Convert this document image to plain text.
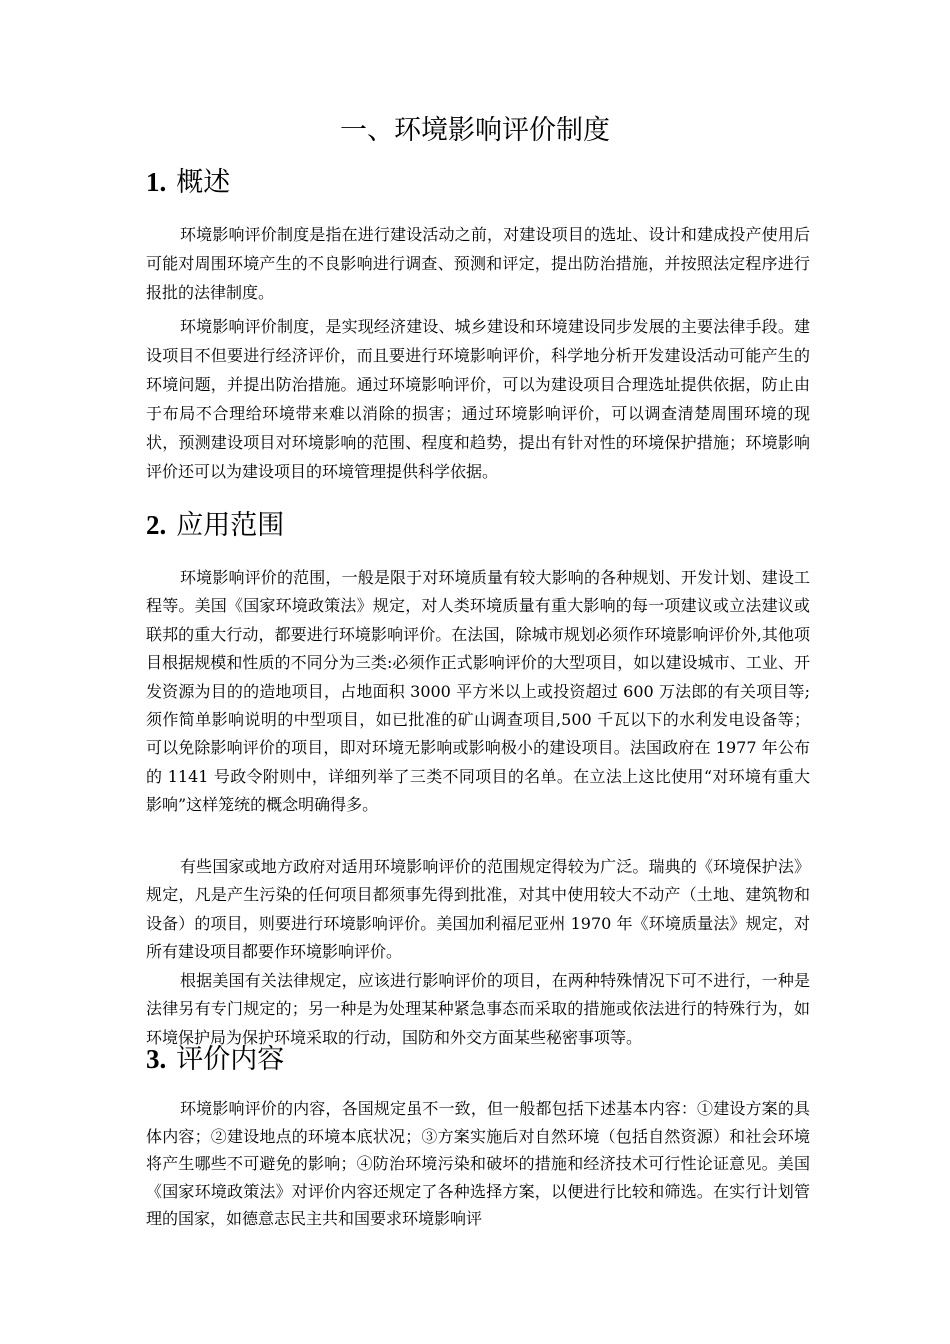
一、环境影响评价制度
1. 概述

环境影响评价制度是指在进行建设活动之前，对建设项目的选址、设计和建成投产使用后可能对周围环境产生的不良影响进行调查、预测和评定，提出防治措施，并按照法定程序进行报批的法律制度。

环境影响评价制度，是实现经济建设、城乡建设和环境建设同步发展的主要法律手段。建设项目不但要进行经济评价，而且要进行环境影响评价，科学地分析开发建设活动可能产生的环境问题，并提出防治措施。通过环境影响评价，可以为建设项目合理选址提供依据，防止由于布局不合理给环境带来难以消除的损害；通过环境影响评价，可以调查清楚周围环境的现状，预测建设项目对环境影响的范围、程度和趋势，提出有针对性的环境保护措施；环境影响评价还可以为建设项目的环境管理提供科学依据。

2. 应用范围

环境影响评价的范围，一般是限于对环境质量有较大影响的各种规划、开发计划、建设工程等。美国《国家环境政策法》规定，对人类环境质量有重大影响的每一项建议或立法建议或联邦的重大行动，都要进行环境影响评价。在法国，除城市规划必须作环境影响评价外,其他项目根据规模和性质的不同分为三类:必须作正式影响评价的大型项目，如以建设城市、工业、开发资源为目的的造地项目，占地面积 3000 平方米以上或投资超过 600 万法郎的有关项目等;须作简单影响说明的中型项目，如已批准的矿山调查项目,500 千瓦以下的水利发电设备等；可以免除影响评价的项目，即对环境无影响或影响极小的建设项目。法国政府在 1977 年公布的 1141 号政令附则中，详细列举了三类不同项目的名单。在立法上这比使用“对环境有重大影响”这样笼统的概念明确得多。

有些国家或地方政府对适用环境影响评价的范围规定得较为广泛。瑞典的《环境保护法》规定，凡是产生污染的任何项目都须事先得到批准，对其中使用较大不动产（土地、建筑物和设备）的项目，则要进行环境影响评价。美国加利福尼亚州 1970 年《环境质量法》规定，对所有建设项目都要作环境影响评价。

根据美国有关法律规定，应该进行影响评价的项目，在两种特殊情况下可不进行，一种是法律另有专门规定的；另一种是为处理某种紧急事态而采取的措施或依法进行的特殊行为，如环境保护局为保护环境采取的行动，国防和外交方面某些秘密事项等。

3. 评价内容

环境影响评价的内容，各国规定虽不一致，但一般都包括下述基本内容：①建设方案的具体内容；②建设地点的环境本底状况；③方案实施后对自然环境（包括自然资源）和社会环境将产生哪些不可避免的影响；④防治环境污染和破坏的措施和经济技术可行性论证意见。美国《国家环境政策法》对评价内容还规定了各种选择方案，以便进行比较和筛选。在实行计划管理的国家，如德意志民主共和国要求环境影响评
